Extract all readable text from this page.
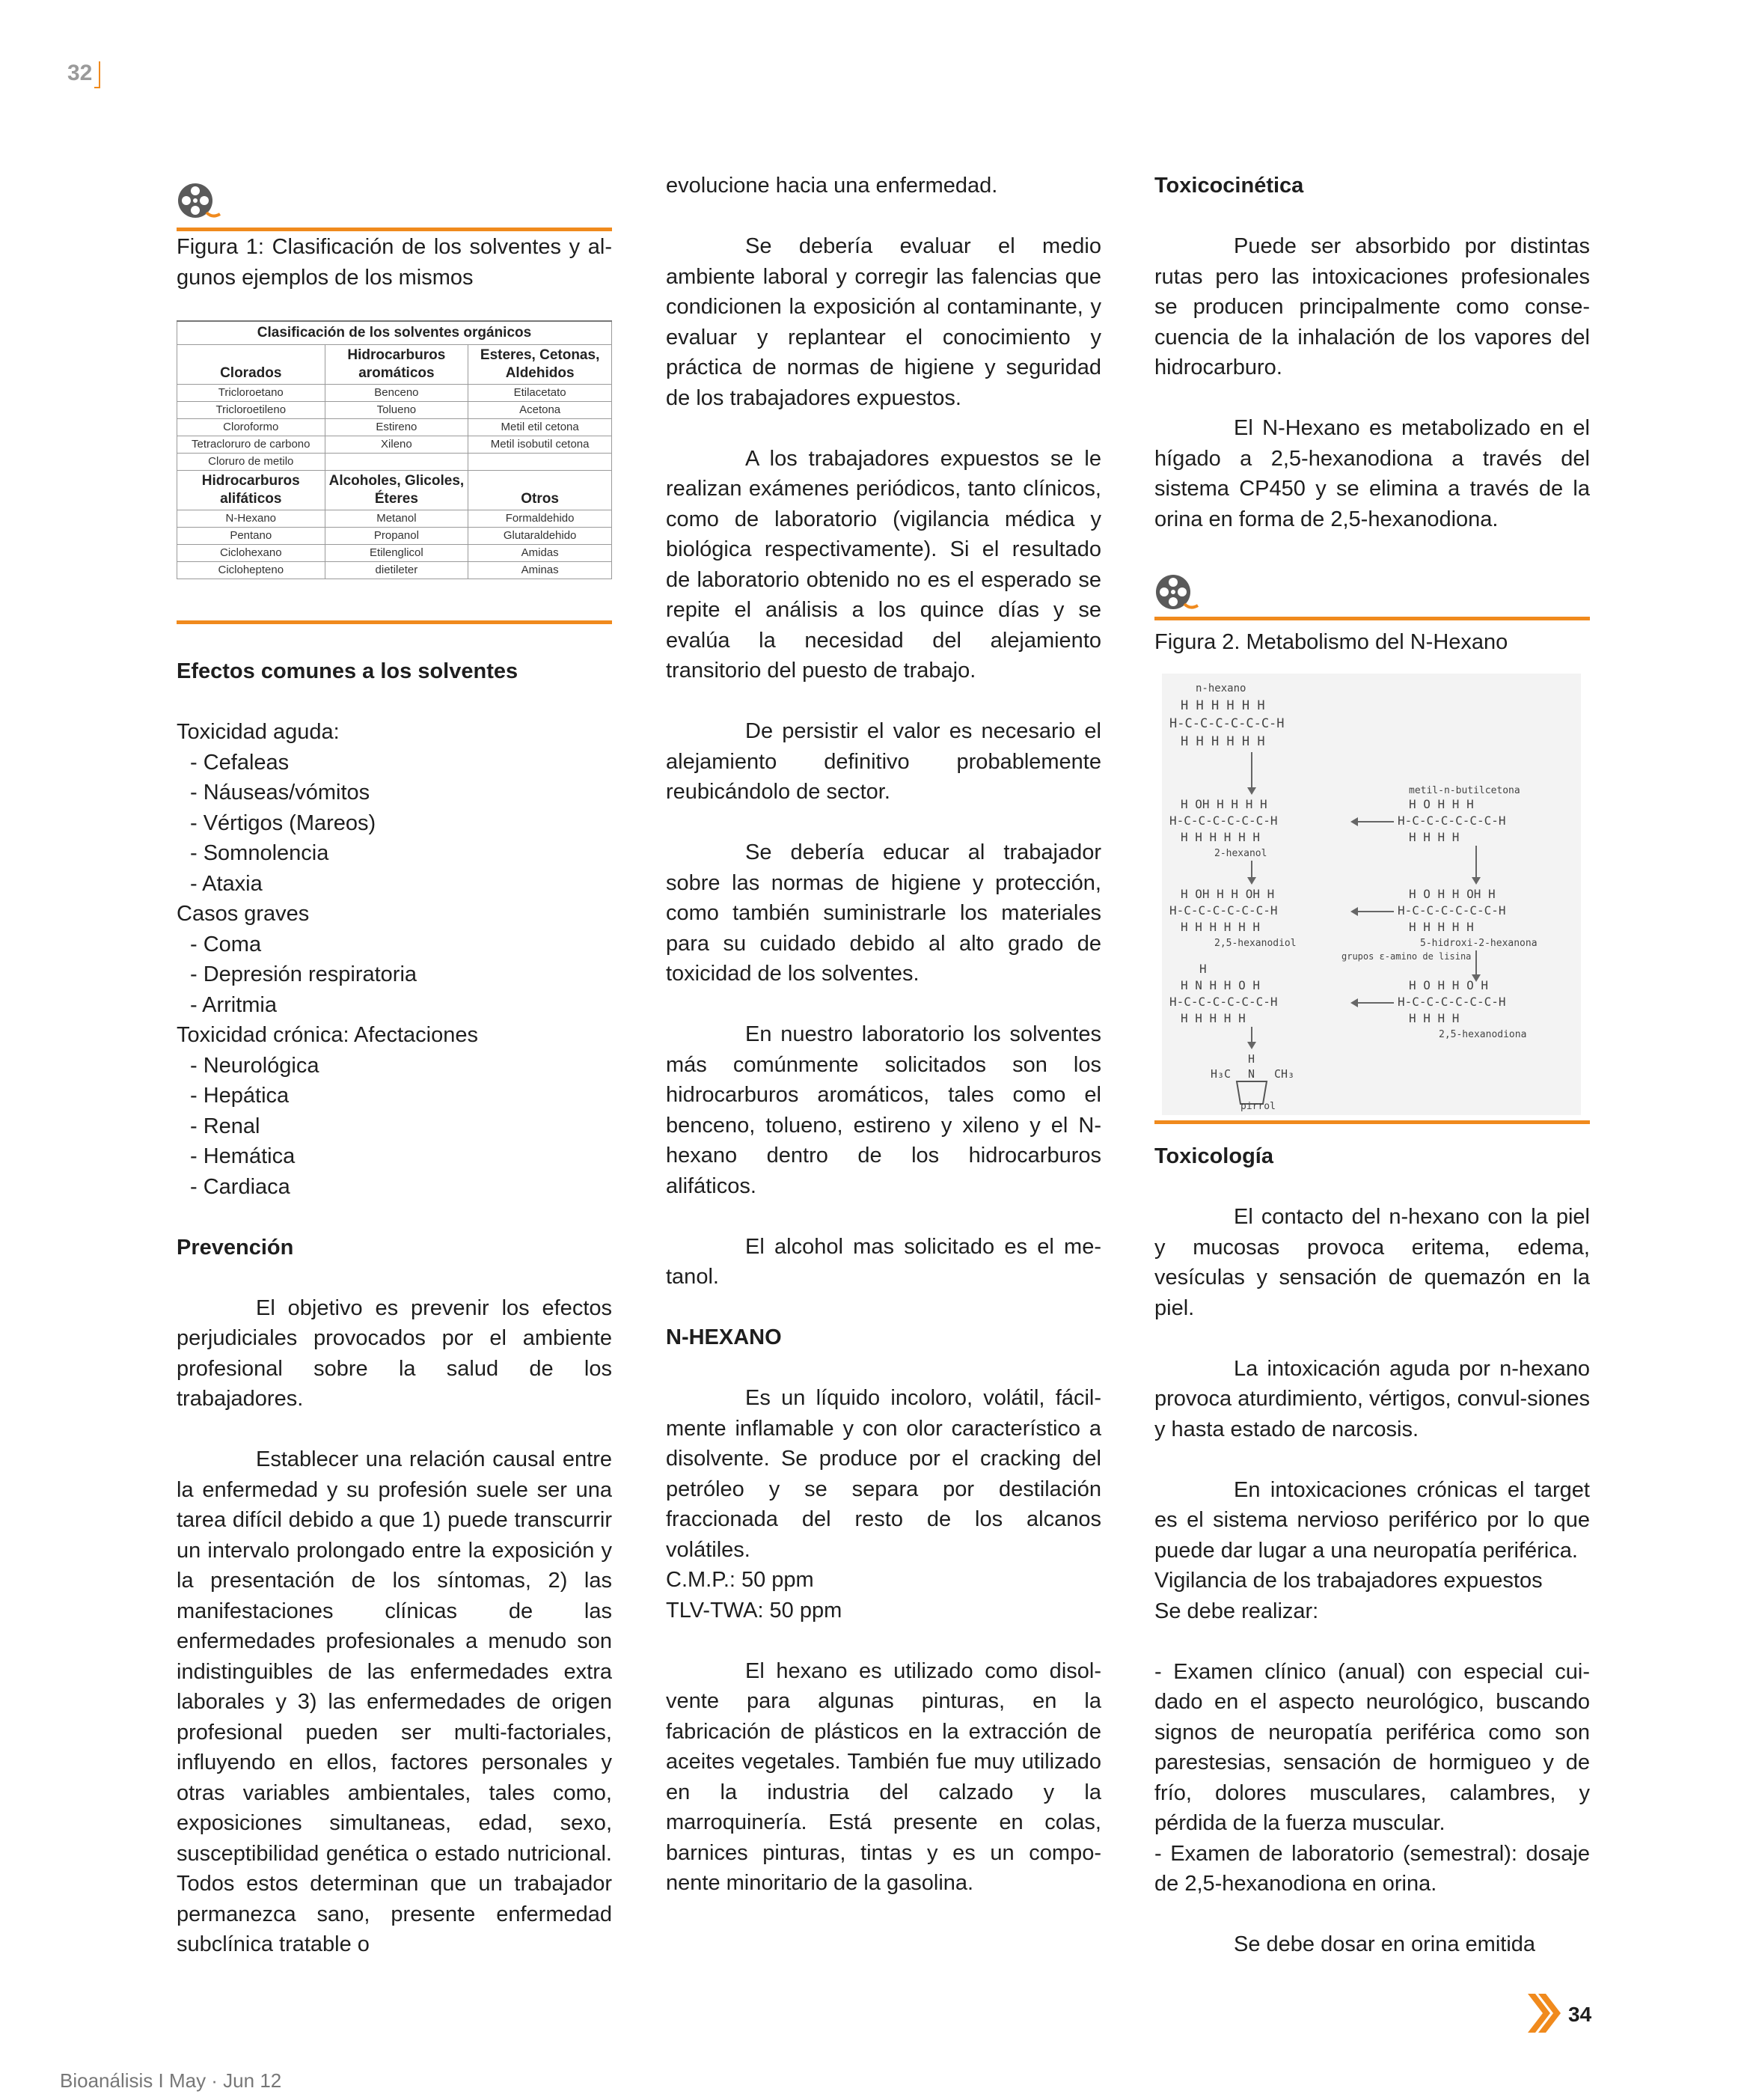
32
Figura 1: Clasificación de los solventes y al-
gunos ejemplos de los mismos
Clasificación de los solventes orgánicos		
Clorados	Hidrocarburos aromáticos	Esteres, Cetonas, Aldehidos
Tricloroetano	Benceno	Etilacetato
Tricloroetileno	Tolueno	Acetona
Cloroformo	Estireno	Metil etil cetona
Tetracloruro de carbono	Xileno	Metil isobutil cetona
Cloruro de metilo		
Hidrocarburos alifáticos	Alcoholes, Glicoles, Éteres	Otros
N-Hexano	Metanol	Formaldehido
Pentano	Propanol	Glutaraldehido
Ciclohexano	Etilenglicol	Amidas
Ciclohepteno	dietileter	Aminas

Efectos comunes a los solventes

Toxicidad aguda:
- Cefaleas
- Náuseas/vómitos
- Vértigos (Mareos)
- Somnolencia
- Ataxia
Casos graves
- Coma
- Depresión respiratoria
- Arritmia
Toxicidad crónica: Afectaciones
- Neurológica
- Hepática
- Renal
- Hemática
- Cardiaca

Prevención

El objetivo es prevenir los efectos perjudiciales provocados por el ambiente profesional sobre la salud de los trabajadores.

Establecer una relación causal entre la enfermedad y su profesión suele ser una tarea difícil debido a que 1) puede transcurrir un intervalo prolongado entre la exposición y la presentación de los síntomas, 2) las manifestaciones clínicas de las enfermedades profesionales a menudo son indistinguibles de las enfermedades extra laborales y 3) las enfermedades de origen profesional pueden ser multi-factoriales, influyendo en ellos, factores personales y otras variables ambientales, tales como, exposiciones simultaneas, edad, sexo, susceptibilidad genética o estado nutricional. Todos estos determinan que un trabajador permanezca sano, presente enfermedad subclínica tratable o

evolucione hacia una enfermedad.

Se debería evaluar el medio ambiente laboral y corregir las falencias que condicionen la exposición al contaminante, y evaluar y replantear el conocimiento y práctica de normas de higiene y seguridad de los trabajadores expuestos.

A los trabajadores expuestos se le realizan exámenes periódicos, tanto clínicos, como de laboratorio (vigilancia médica y biológica respectivamente). Si el resultado de laboratorio obtenido no es el esperado se repite el análisis a los quince días y se evalúa la necesidad del alejamiento transitorio del puesto de trabajo.

De persistir el valor es necesario el alejamiento definitivo probablemente reubicándolo de sector.

Se debería educar al trabajador sobre las normas de higiene y protección, como también suministrarle los materiales para su cuidado debido al alto grado de toxicidad de los solventes.

En nuestro laboratorio los solventes más comúnmente solicitados son los hidrocarburos aromáticos, tales como el benceno, tolueno, estireno y xileno y el N-hexano dentro de los hidrocarburos alifáticos.

El alcohol mas solicitado es el me-tanol.

N-HEXANO

Es un líquido incoloro, volátil, fácil-mente inflamable y con olor característico a disolvente. Se produce por el cracking del petróleo y se separa por destilación fraccionada del resto de los alcanos volátiles.

C.M.P.: 50 ppm

TLV-TWA: 50 ppm

El hexano es utilizado como disol-vente para algunas pinturas, en la fabricación de plásticos en la extracción de aceites vegetales. También fue muy utilizado en la industria del calzado y la marroquinería. Está presente en colas, barnices pinturas, tintas y es un compo-nente minoritario de la gasolina.

Toxicocinética

Puede ser absorbido por distintas rutas pero las intoxicaciones profesionales se producen principalmente como conse-cuencia de la inhalación de los vapores del hidrocarburo.

El N-Hexano es metabolizado en el hígado a 2,5-hexanodiona a través del sistema CP450 y se elimina a través de la orina en forma de 2,5-hexanodiona.

Figura 2. Metabolismo del N-Hexano
n-hexano
H H H H H H
H-C-C-C-C-C-C-H
H H H H H H
H OH H H H H
H-C-C-C-C-C-C-H
H H H H H H
2-hexanol
metil-n-butilcetona
H O H H H
H-C-C-C-C-C-C-H
H H H H
H OH H H OH H
H-C-C-C-C-C-C-H
H H H H H H
2,5-hexanodiol
H O H H OH H
H-C-C-C-C-C-C-H
H H H H H
5-hidroxi-2-hexanona
grupos ε-amino de lisina
H
H N H H O H
H-C-C-C-C-C-C-H
H H H H H
H O H H O H
H-C-C-C-C-C-C-H
H H H H
2,5-hexanodiona
H
H₃C N CH₃
pirrol

Toxicología

El contacto del n-hexano con la piel y mucosas provoca eritema, edema, vesículas y sensación de quemazón en la piel.

La intoxicación aguda por n-hexano provoca aturdimiento, vértigos, convul-siones y hasta estado de narcosis.

En intoxicaciones crónicas el target es el sistema nervioso periférico por lo que puede dar lugar a una neuropatía periférica.

Vigilancia de los trabajadores expuestos

Se debe realizar:

- Examen clínico (anual) con especial cui-dado en el aspecto neurológico, buscando signos de neuropatía periférica como son parestesias, sensación de hormigueo y de frío, dolores musculares, calambres, y pérdida de la fuerza muscular.

- Examen de laboratorio (semestral): dosaje de 2,5-hexanodiona en orina.

Se debe dosar en orina emitida

34
Bioanálisis I May · Jun 12
